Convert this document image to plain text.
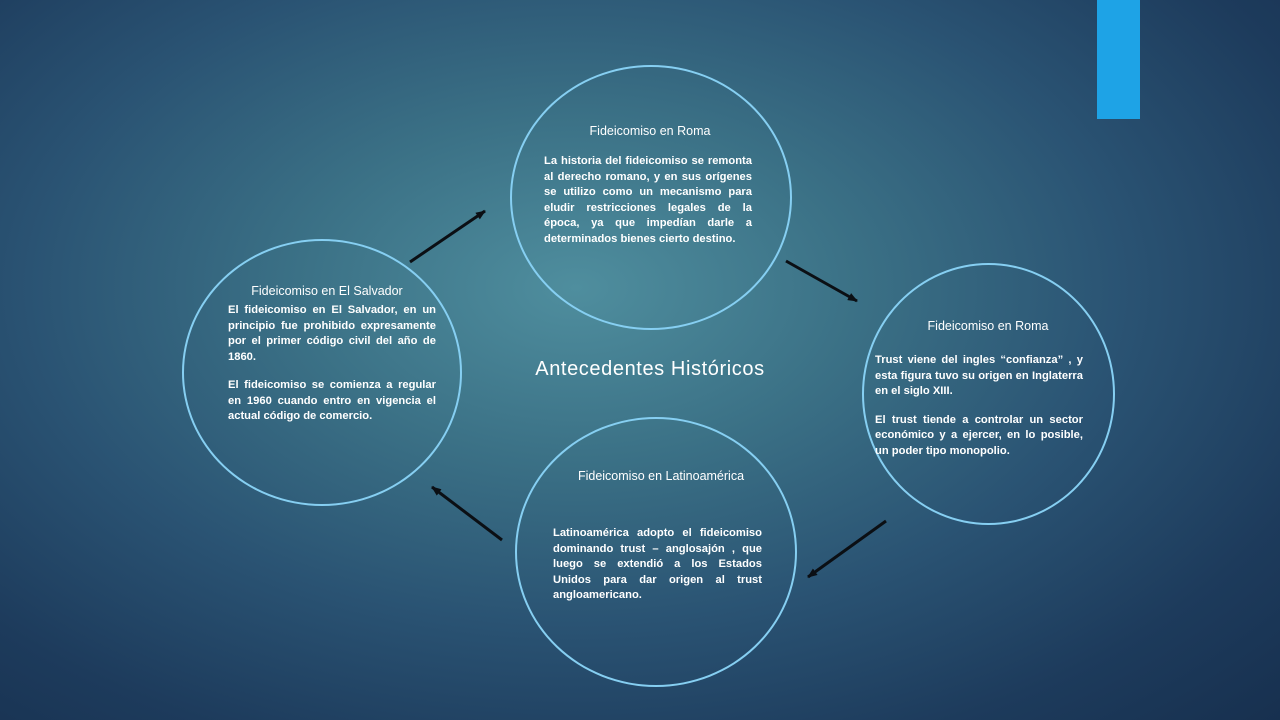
Fideicomiso en Roma

La historia del fideicomiso se remonta al derecho romano, y en sus orígenes se utilizo como un mecanismo para eludir restricciones legales de la época, ya que impedían darle a determinados bienes cierto destino.

Fideicomiso en Roma

Trust viene del ingles “confianza” , y esta figura tuvo su origen en Inglaterra en el siglo XIII.

El trust tiende a controlar un sector económico y a ejercer, en lo posible, un poder tipo monopolio.

Fideicomiso en Latinoamérica

Latinoamérica adopto el fideicomiso dominando trust – anglosajón , que luego se extendió a los Estados Unidos para dar origen al trust angloamericano.

Fideicomiso en El Salvador

El fideicomiso en El Salvador, en un principio fue prohibido expresamente por el primer código civil del año de 1860.

El fideicomiso se comienza a regular en 1960 cuando entro en vigencia el actual código de comercio.

Antecedentes Históricos
